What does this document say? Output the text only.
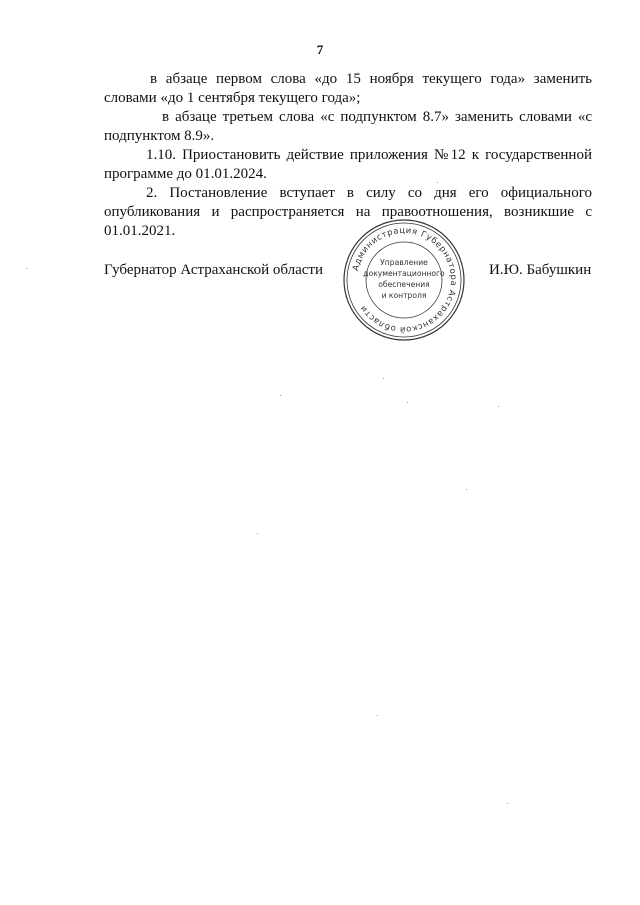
7

в абзаце первом слова «до 15 ноября текущего года» заменить словами «до 1 сентября текущего года»;

в абзаце третьем слова «с подпунктом 8.7» заменить словами «с подпунктом 8.9».

1.10. Приостановить действие приложения №12 к государственной программе до 01.01.2024.

2. Постановление вступает в силу со дня его официального опубликования и распространяется на правоотношения, возникшие с 01.01.2021.

Губернатор Астраханской области	И.Ю. Бабушкин
Администрация Губернатора Астраханской области
Управление
документационного
обеспечения
и контроля
